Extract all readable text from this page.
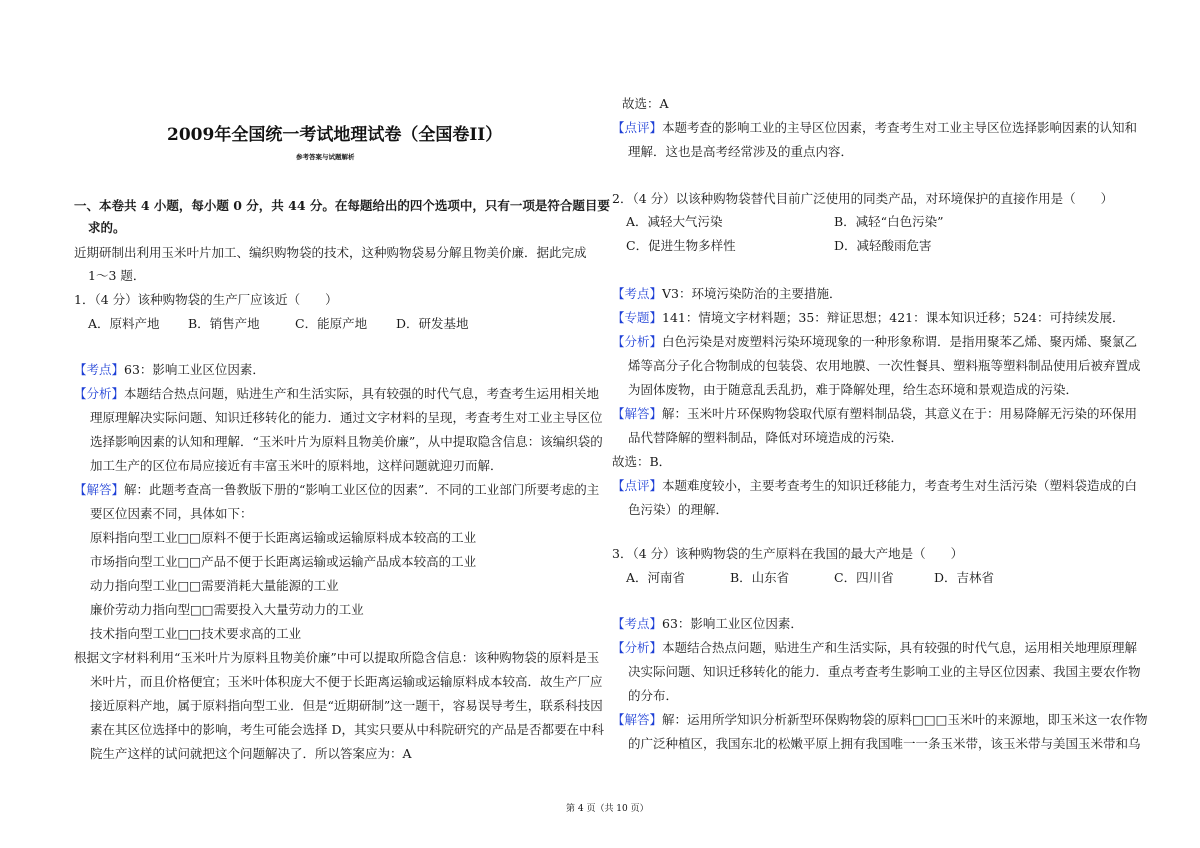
2009年全国统一考试地理试卷（全国卷II）
参考答案与试题解析
一、本卷共 4 小题，每小题 0 分，共 44 分。在每题给出的四个选项中，只有一项是符合题目要
求的。
近期研制出利用玉米叶片加工、编织购物袋的技术，这种购物袋易分解且物美价廉．据此完成
1～3 题．
1．（4 分）该种购物袋的生产厂应该近（　　）
A．原料产地 B．销售产地	C．能原产地 D．研发基地
【考点】63：影响工业区位因素．
【分析】本题结合热点问题，贴进生产和生活实际，具有较强的时代气息，考查考生运用相关地
理原理解决实际问题、知识迁移转化的能力．通过文字材料的呈现，考查考生对工业主导区位
选择影响因素的认知和理解．“玉米叶片为原料且物美价廉”，从中提取隐含信息：该编织袋的
加工生产的区位布局应接近有丰富玉米叶的原料地，这样问题就迎刃而解．
【解答】解：此题考查高一鲁教版下册的“影响工业区位的因素”．不同的工业部门所要考虑的主
要区位因素不同，具体如下：
原料指向型工业□□原料不便于长距离运输或运输原料成本较高的工业
市场指向型工业□□产品不便于长距离运输或运输产品成本较高的工业
动力指向型工业□□需要消耗大量能源的工业
廉价劳动力指向型□□需要投入大量劳动力的工业
技术指向型工业□□技术要求高的工业
根据文字材料利用“玉米叶片为原料且物美价廉”中可以提取所隐含信息：该种购物袋的原料是玉
米叶片，而且价格便宜；玉米叶体积庞大不便于长距离运输或运输原料成本较高．故生产厂应
接近原料产地，属于原料指向型工业．但是“近期研制”这一题干，容易误导考生，联系科技因
素在其区位选择中的影响，考生可能会选择 D，其实只要从中科院研究的产品是否都要在中科
院生产这样的试问就把这个问题解决了．所以答案应为：A
故选：A
【点评】本题考查的影响工业的主导区位因素，考查考生对工业主导区位选择影响因素的认知和
理解．这也是高考经常涉及的重点内容．
2．（4 分）以该种购物袋替代目前广泛使用的同类产品，对环境保护的直接作用是（　　）
A．减轻大气污染	B．减轻“白色污染”
C．促进生物多样性	D．减轻酸雨危害
【考点】V3：环境污染防治的主要措施．
【专题】141：情境文字材料题；35：辩证思想；421：课本知识迁移；524：可持续发展．
【分析】白色污染是对废塑料污染环境现象的一种形象称谓．是指用聚苯乙烯、聚丙烯、聚氯乙
烯等高分子化合物制成的包装袋、农用地膜、一次性餐具、塑料瓶等塑料制品使用后被弃置成
为固体废物，由于随意乱丢乱扔，难于降解处理，给生态环境和景观造成的污染．
【解答】解：玉米叶片环保购物袋取代原有塑料制品袋，其意义在于：用易降解无污染的环保用
品代替降解的塑料制品，降低对环境造成的污染．
故选：B．
【点评】本题难度较小，主要考查考生的知识迁移能力，考查考生对生活污染（塑料袋造成的白
色污染）的理解．
3．（4 分）该种购物袋的生产原料在我国的最大产地是（　　）
A．河南省	B．山东省	C．四川省	D．吉林省
【考点】63：影响工业区位因素．
【分析】本题结合热点问题，贴进生产和生活实际，具有较强的时代气息，运用相关地理原理解
决实际问题、知识迁移转化的能力．重点考查考生影响工业的主导区位因素、我国主要农作物
的分布．
【解答】解：运用所学知识分析新型环保购物袋的原料□□□玉米叶的来源地，即玉米这一农作物
的广泛种植区，我国东北的松嫩平原上拥有我国唯一一条玉米带，该玉米带与美国玉米带和乌
第 4 页（共 10 页）
